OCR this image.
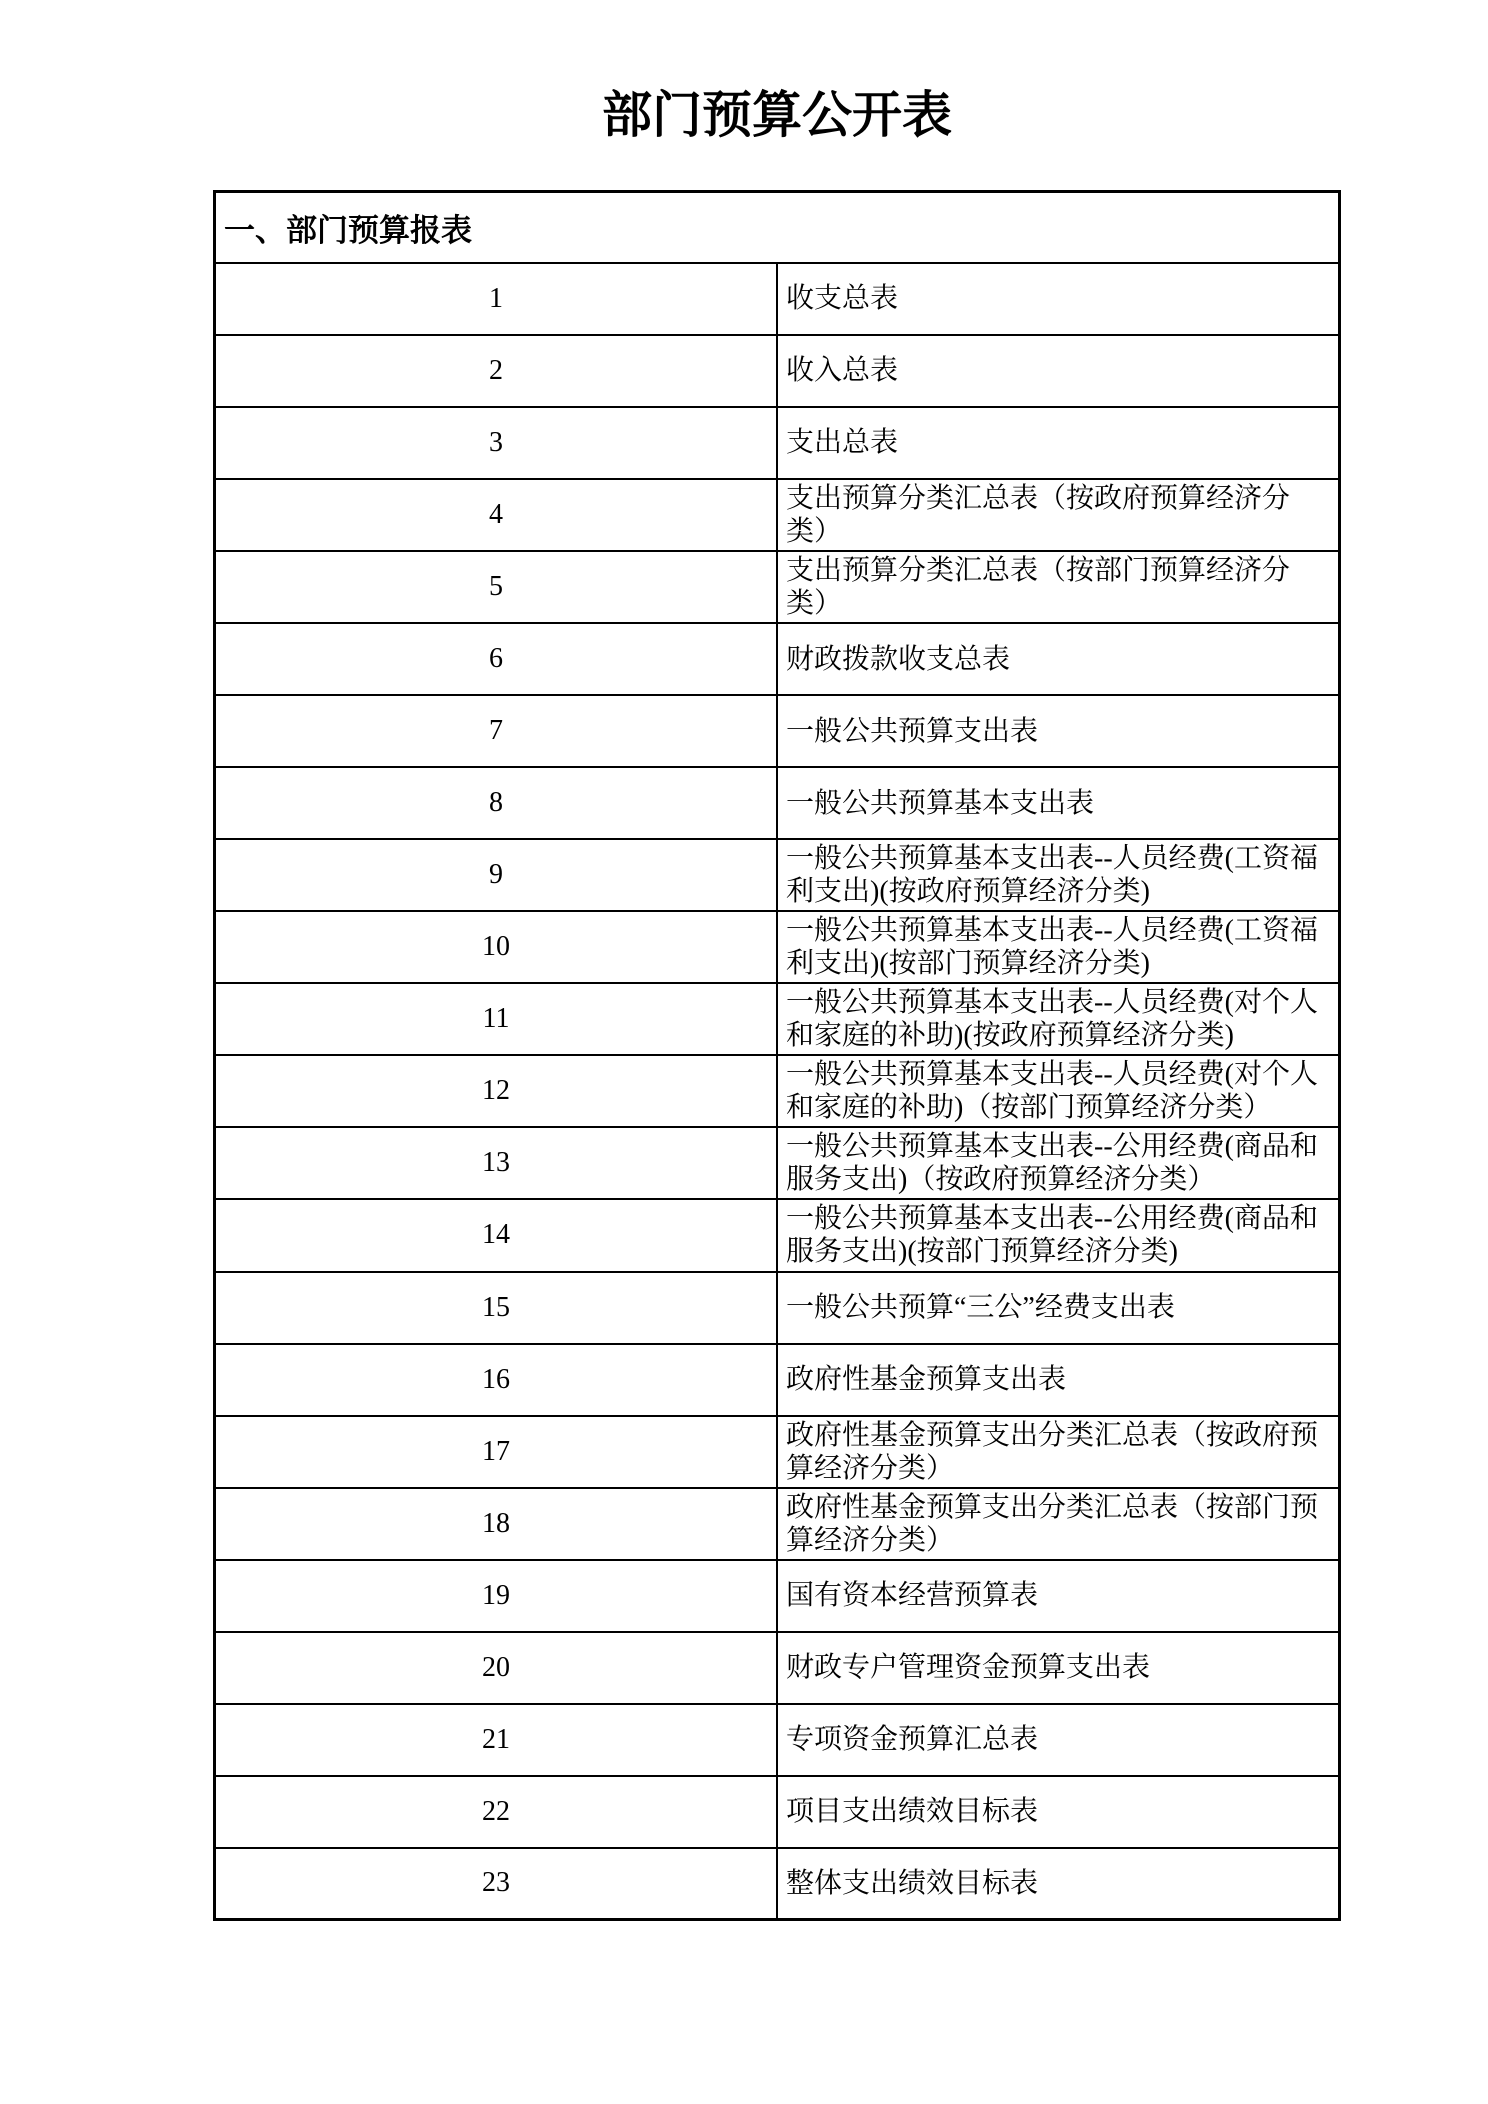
部门预算公开表
一、部门预算报表	
1	收支总表
2	收入总表
3	支出总表
4	支出预算分类汇总表（按政府预算经济分类）
5	支出预算分类汇总表（按部门预算经济分类）
6	财政拨款收支总表
7	一般公共预算支出表
8	一般公共预算基本支出表
9	一般公共预算基本支出表--人员经费(工资福利支出)(按政府预算经济分类)
10	一般公共预算基本支出表--人员经费(工资福利支出)(按部门预算经济分类)
11	一般公共预算基本支出表--人员经费(对个人和家庭的补助)(按政府预算经济分类)
12	一般公共预算基本支出表--人员经费(对个人和家庭的补助)（按部门预算经济分类）
13	一般公共预算基本支出表--公用经费(商品和服务支出)（按政府预算经济分类）
14	一般公共预算基本支出表--公用经费(商品和服务支出)(按部门预算经济分类)
15	一般公共预算“三公”经费支出表
16	政府性基金预算支出表
17	政府性基金预算支出分类汇总表（按政府预算经济分类）
18	政府性基金预算支出分类汇总表（按部门预算经济分类）
19	国有资本经营预算表
20	财政专户管理资金预算支出表
21	专项资金预算汇总表
22	项目支出绩效目标表
23	整体支出绩效目标表
